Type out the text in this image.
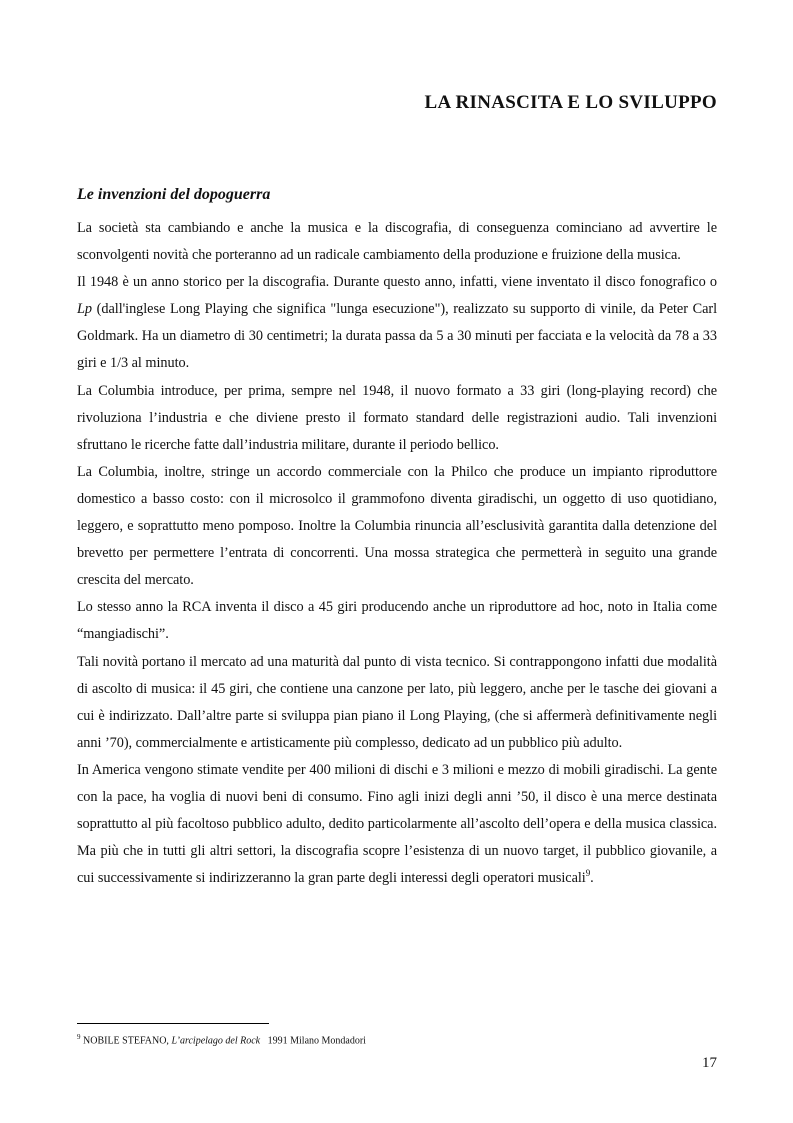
LA RINASCITA E LO SVILUPPO
Le invenzioni del dopoguerra

La società sta cambiando e anche la musica e la discografia, di conseguenza cominciano ad avvertire le sconvolgenti novità che porteranno ad un radicale cambiamento della produzione e fruizione della musica.

Il 1948 è un anno storico per la discografia. Durante questo anno, infatti, viene inventato il disco fonografico o Lp (dall'inglese Long Playing che significa "lunga esecuzione"), realizzato su supporto di vinile, da Peter Carl Goldmark. Ha un diametro di 30 centimetri; la durata passa da 5 a 30 minuti per facciata e la velocità da 78 a 33 giri e 1/3 al minuto.

La Columbia introduce, per prima, sempre nel 1948, il nuovo formato a 33 giri (long-playing record) che rivoluziona l’industria e che diviene presto il formato standard delle registrazioni audio. Tali invenzioni sfruttano le ricerche fatte dall’industria militare, durante il periodo bellico.

La Columbia, inoltre, stringe un accordo commerciale con la Philco che produce un impianto riproduttore domestico a basso costo: con il microsolco il grammofono diventa giradischi, un oggetto di uso quotidiano, leggero, e soprattutto meno pomposo. Inoltre la Columbia rinuncia all’esclusività garantita dalla detenzione del brevetto per permettere l’entrata di concorrenti. Una mossa strategica che permetterà in seguito una grande crescita del mercato.

Lo stesso anno la RCA inventa il disco a 45 giri producendo anche un riproduttore ad hoc, noto in Italia come “mangiadischi”.

Tali novità portano il mercato ad una maturità dal punto di vista tecnico. Si contrappongono infatti due modalità di ascolto di musica: il 45 giri, che contiene una canzone per lato, più leggero, anche per le tasche dei giovani a cui è indirizzato. Dall’altre parte si sviluppa pian piano il Long Playing, (che si affermerà definitivamente negli anni ’70), commercialmente e artisticamente più complesso, dedicato ad un pubblico più adulto.

In America vengono stimate vendite per 400 milioni di dischi e 3 milioni e mezzo di mobili giradischi. La gente con la pace, ha voglia di nuovi beni di consumo. Fino agli inizi degli anni ’50, il disco è una merce destinata soprattutto al più facoltoso pubblico adulto, dedito particolarmente all’ascolto dell’opera e della musica classica. Ma più che in tutti gli altri settori, la discografia scopre l’esistenza di un nuovo target, il pubblico giovanile, a cui successivamente si indirizzeranno la gran parte degli interessi degli operatori musicali$^9$.

$^9$ NOBILE STEFANO, L’arcipelago del Rock   1991 Milano Mondadori

17
